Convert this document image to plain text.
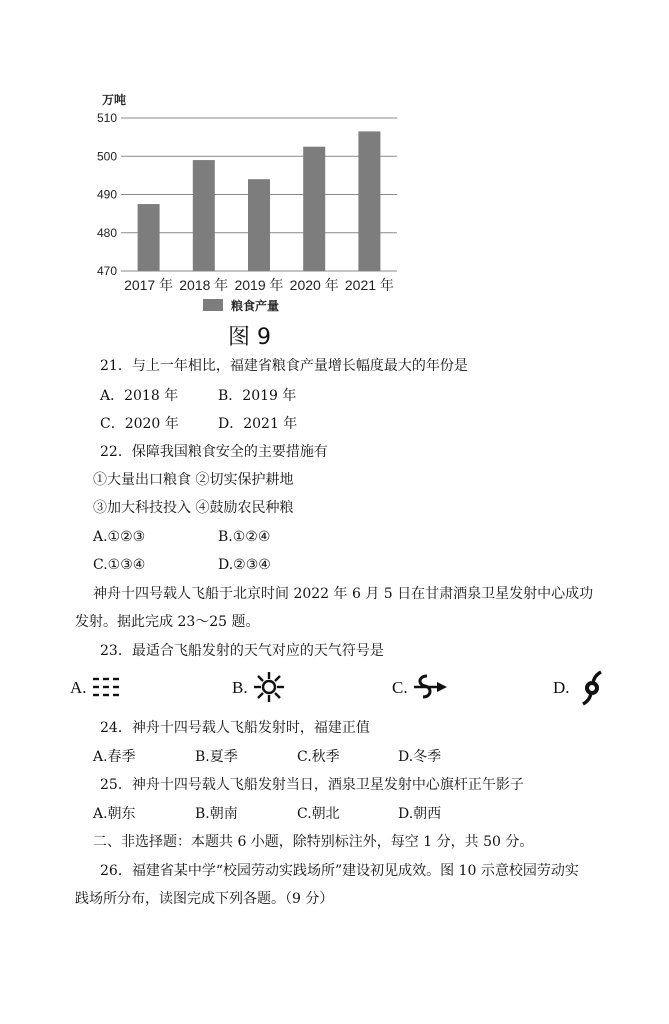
万吨
470
480
490
500
510
2017 年 2018 年 2019 年 2020 年 2021 年
粮食产量
图 9
21．与上一年相比，福建省粮食产量增长幅度最大的年份是
A．2018 年	B．2019 年
C．2020 年	D．2021 年
22．保障我国粮食安全的主要措施有
①大量出口粮食 ②切实保护耕地
③加大科技投入 ④鼓励农民种粮
A.①②③	B.①②④
C.①③④	D.②③④
神舟十四号载人飞船于北京时间 2022 年 6 月 5 日在甘肃酒泉卫星发射中心成功
发射。据此完成 23～25 题。
23．最适合飞船发射的天气对应的天气符号是
A.	B.	C.	D.
24．神舟十四号载人飞船发射时，福建正值
A.春季	B.夏季	C.秋季	D.冬季
25．神舟十四号载人飞船发射当日，酒泉卫星发射中心旗杆正午影子
A.朝东	B.朝南	C.朝北	D.朝西
二、非选择题：本题共 6 小题，除特别标注外，每空 1 分，共 50 分。
26．福建省某中学“校园劳动实践场所”建设初见成效。图 10 示意校园劳动实
践场所分布，读图完成下列各题。（9 分）
